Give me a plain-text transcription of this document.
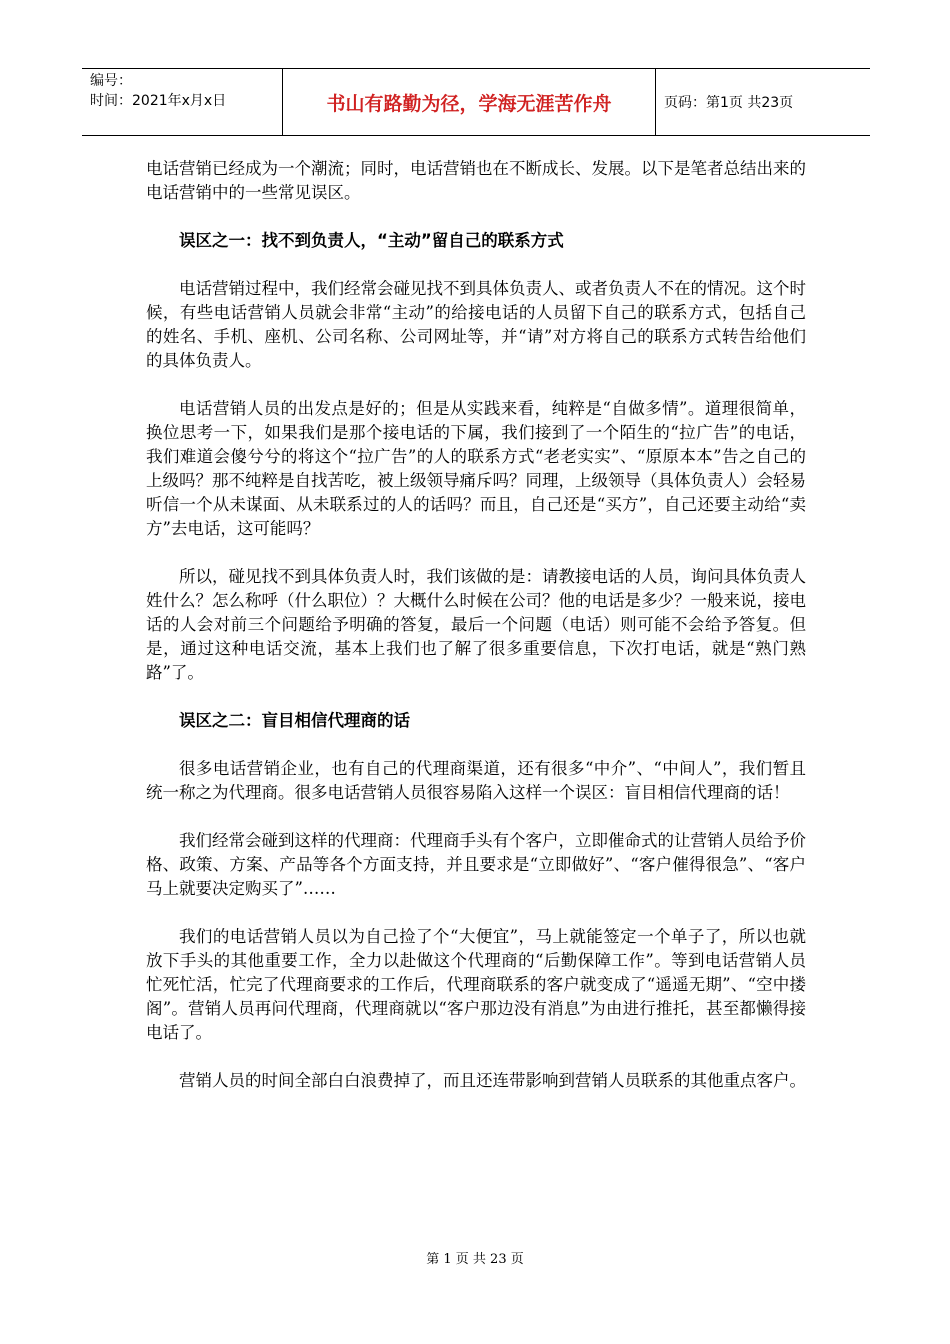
编号：
时间：2021年x月x日	书山有路勤为径，学海无涯苦作舟	页码：第1页 共23页

电话营销已经成为一个潮流；同时，电话营销也在不断成长、发展。以下是笔者总结出来的电话营销中的一些常见误区。

误区之一：找不到负责人，“主动”留自己的联系方式

电话营销过程中，我们经常会碰见找不到具体负责人、或者负责人不在的情况。这个时候，有些电话营销人员就会非常“主动”的给接电话的人员留下自己的联系方式，包括自己的姓名、手机、座机、公司名称、公司网址等，并“请”对方将自己的联系方式转告给他们的具体负责人。

电话营销人员的出发点是好的；但是从实践来看，纯粹是“自做多情”。道理很简单，换位思考一下，如果我们是那个接电话的下属，我们接到了一个陌生的“拉广告”的电话，我们难道会傻兮兮的将这个“拉广告”的人的联系方式“老老实实”、“原原本本”告之自己的上级吗？那不纯粹是自找苦吃，被上级领导痛斥吗？同理，上级领导（具体负责人）会轻易听信一个从未谋面、从未联系过的人的话吗？而且，自己还是“买方”，自己还要主动给“卖方”去电话，这可能吗？

所以，碰见找不到具体负责人时，我们该做的是：请教接电话的人员，询问具体负责人姓什么？怎么称呼（什么职位）？大概什么时候在公司？他的电话是多少？一般来说，接电话的人会对前三个问题给予明确的答复，最后一个问题（电话）则可能不会给予答复。但是，通过这种电话交流，基本上我们也了解了很多重要信息，下次打电话，就是“熟门熟路”了。

误区之二：盲目相信代理商的话

很多电话营销企业，也有自己的代理商渠道，还有很多“中介”、“中间人”，我们暂且统一称之为代理商。很多电话营销人员很容易陷入这样一个误区：盲目相信代理商的话！

我们经常会碰到这样的代理商：代理商手头有个客户，立即催命式的让营销人员给予价格、政策、方案、产品等各个方面支持，并且要求是“立即做好”、“客户催得很急”、“客户马上就要决定购买了”……

我们的电话营销人员以为自己捡了个“大便宜”，马上就能签定一个单子了，所以也就放下手头的其他重要工作，全力以赴做这个代理商的“后勤保障工作”。等到电话营销人员忙死忙活，忙完了代理商要求的工作后，代理商联系的客户就变成了“遥遥无期”、“空中搂阁”。营销人员再问代理商，代理商就以“客户那边没有消息”为由进行推托，甚至都懒得接电话了。

营销人员的时间全部白白浪费掉了，而且还连带影响到营销人员联系的其他重点客户。

第 1 页 共 23 页
